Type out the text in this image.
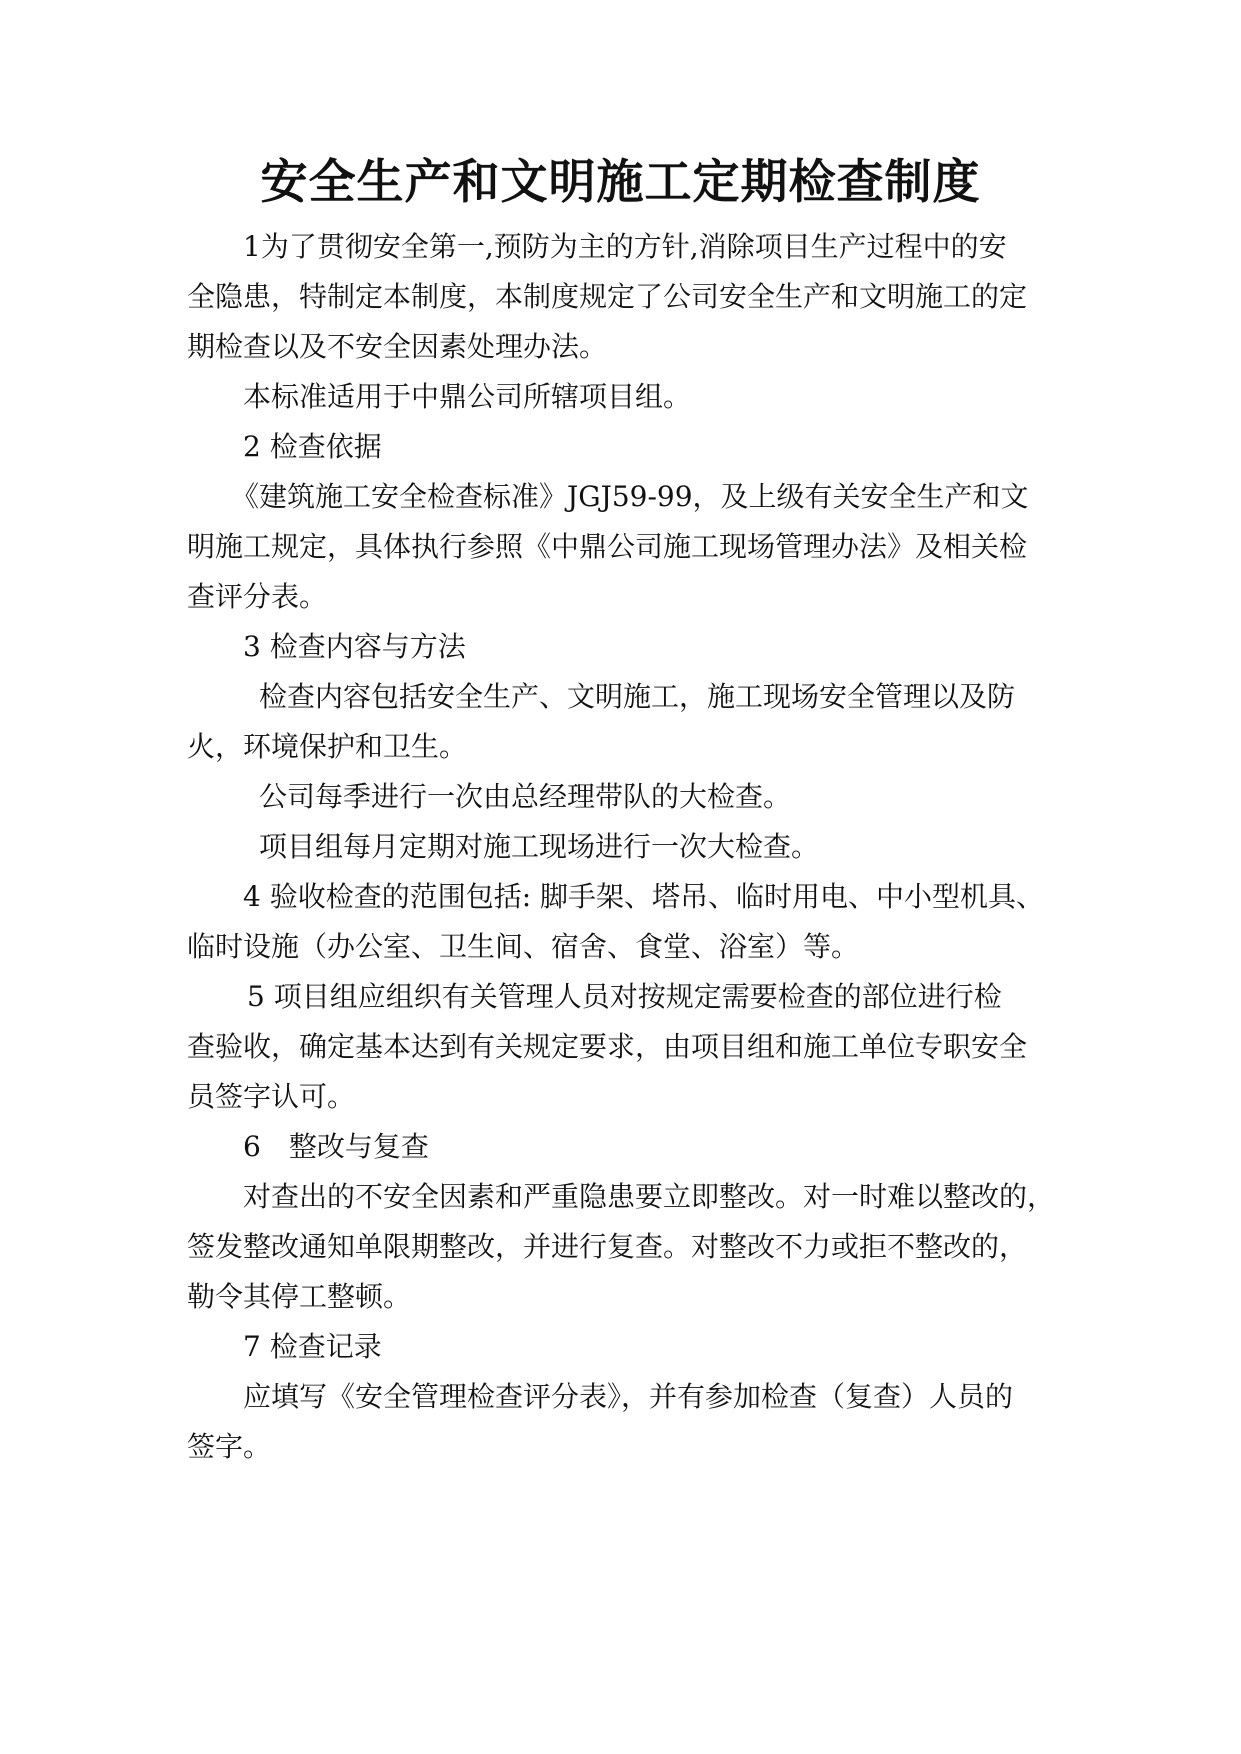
安全生产和文明施工定期检查制度

1为了贯彻安全第一,预防为主的方针,消除项目生产过程中的安
全隐患，特制定本制度，本制度规定了公司安全生产和文明施工的定
期检查以及不安全因素处理办法。

本标准适用于中鼎公司所辖项目组。

2 检查依据

《建筑施工安全检查标准》JGJ59-99，及上级有关安全生产和文
明施工规定，具体执行参照《中鼎公司施工现场管理办法》及相关检
查评分表。

3 检查内容与方法

检查内容包括安全生产、文明施工，施工现场安全管理以及防
火，环境保护和卫生。

公司每季进行一次由总经理带队的大检查。

项目组每月定期对施工现场进行一次大检查。

4 验收检查的范围包括: 脚手架、塔吊、临时用电、中小型机具、
临时设施（办公室、卫生间、宿舍、食堂、浴室）等。

5 项目组应组织有关管理人员对按规定需要检查的部位进行检
查验收，确定基本达到有关规定要求，由项目组和施工单位专职安全
员签字认可。

6　整改与复查

对查出的不安全因素和严重隐患要立即整改。对一时难以整改的，
签发整改通知单限期整改，并进行复查。对整改不力或拒不整改的，
勒令其停工整顿。

7 检查记录

应填写《安全管理检查评分表》，并有参加检查（复查）人员的
签字。
